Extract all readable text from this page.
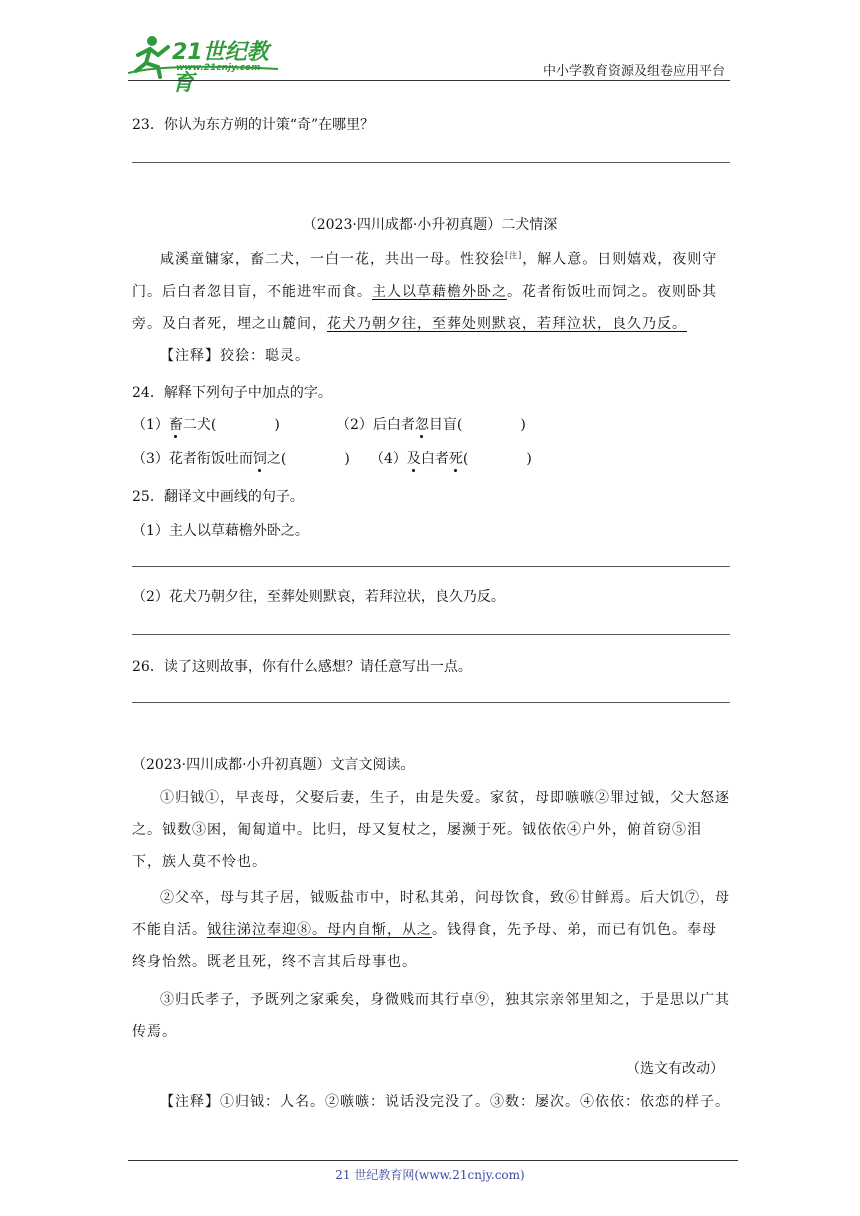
21世纪教育
www.21cnjy.com	中小学教育资源及组卷应用平台
23．你认为东方朔的计策“奇”在哪里？
（2023·四川成都·小升初真题）二犬情深
咸溪童镛家，畜二犬，一白一花，共出一母。性狡狯[注]，解人意。日则嬉戏，夜则守门。后白者忽目盲，不能进牢而食。主人以草藉檐外卧之。花者衔饭吐而饲之。夜则卧其旁。及白者死，埋之山麓间，花犬乃朝夕往，至葬处则默哀，若拜泣状，良久乃反。
【注释】狡狯：聪灵。
24．解释下列句子中加点的字。
（1）畜二犬(	)	（2）后白者忽目盲(	)
（3）花者衔饭吐而饲之(	) （4）及白者死(	)
25．翻译文中画线的句子。
（1）主人以草藉檐外卧之。
（2）花犬乃朝夕往，至葬处则默哀，若拜泣状，良久乃反。
26．读了这则故事，你有什么感想？请任意写出一点。
（2023·四川成都·小升初真题）文言文阅读。
①归钺①，早丧母，父娶后妻，生子，由是失爱。家贫，母即嗾嗾②罪过钺，父大怒逐之。钺数③困，匍匐道中。比归，母又复杖之，屡濒于死。钺依依④户外，俯首窃⑤泪下，族人莫不怜也。
②父卒，母与其子居，钺贩盐市中，时私其弟，问母饮食，致⑥甘鲜焉。后大饥⑦，母不能自活。钺往涕泣奉迎⑧。母内自惭，从之。钱得食，先予母、弟，而已有饥色。奉母终身怡然。既老且死，终不言其后母事也。
③归氏孝子，予既列之家乘矣，身微贱而其行卓⑨，独其宗亲邻里知之，于是思以广其传焉。
（选文有改动）
【注释】①归钺：人名。②嗾嗾：说话没完没了。③数：屡次。④依依：依恋的样子。
21 世纪教育网(www.21cnjy.com)
